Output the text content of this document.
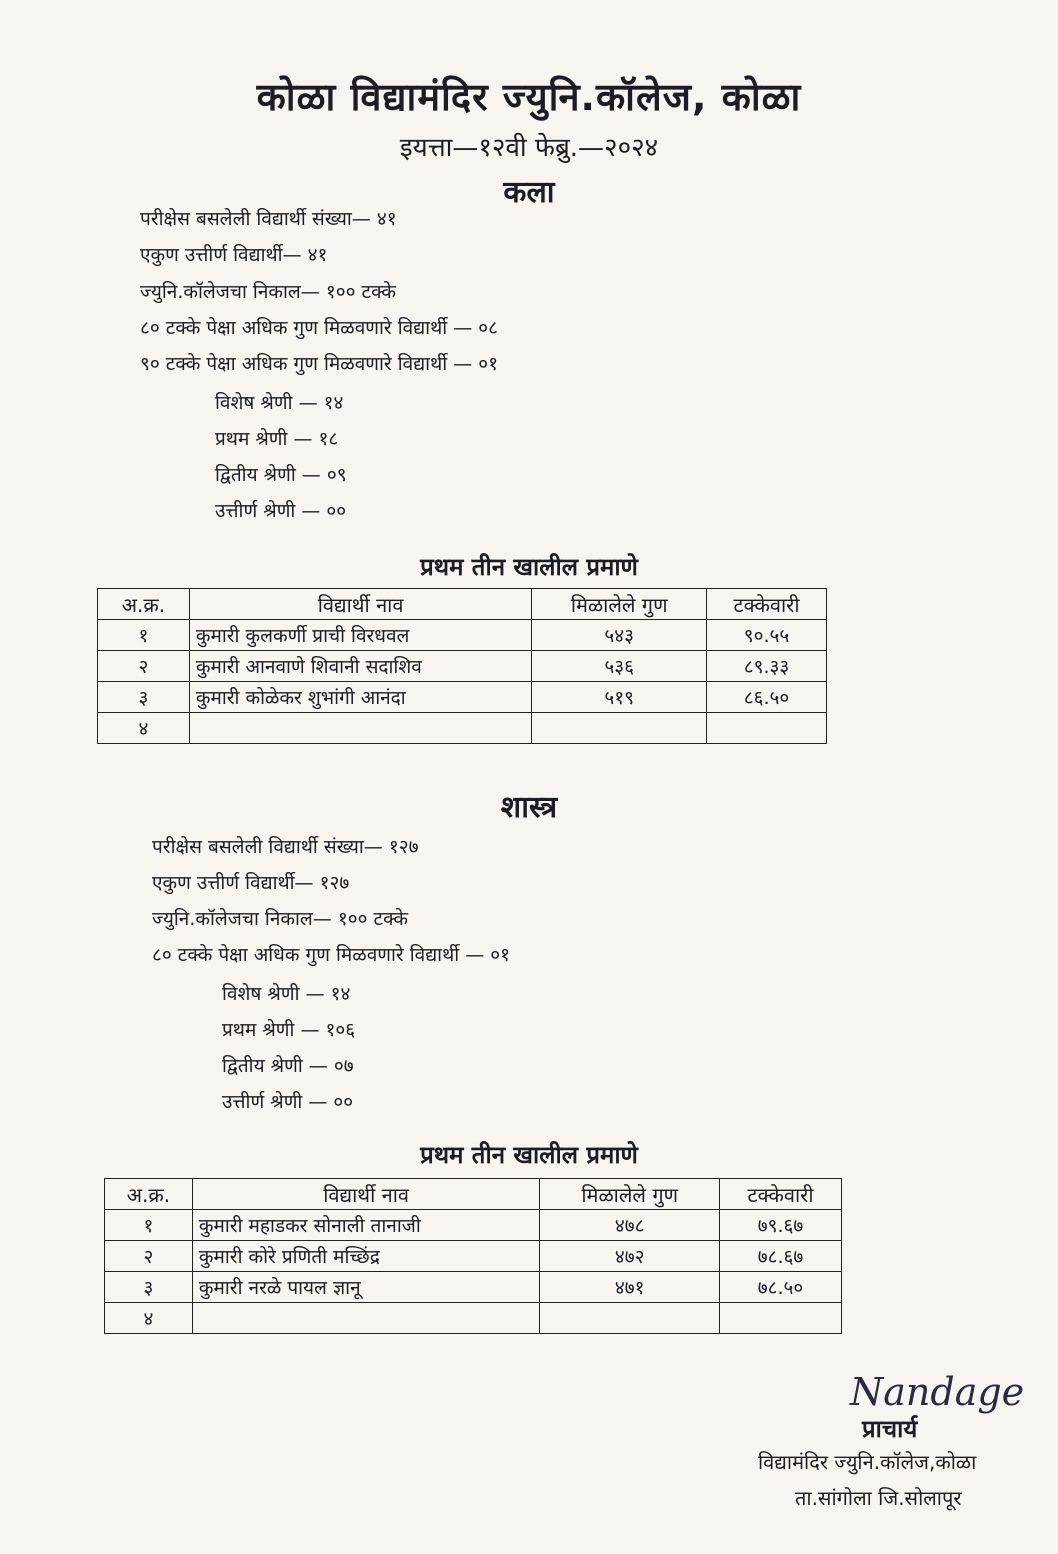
कोळा विद्यामंदिर ज्युनि.कॉलेज, कोळा
इयत्ता—१२वी फेब्रु.—२०२४
कला
परीक्षेस बसलेली विद्यार्थी संख्या— ४१
एकुण उत्तीर्ण विद्यार्थी— ४१
ज्युनि.कॉलेजचा निकाल— १०० टक्के
८० टक्के पेक्षा अधिक गुण मिळवणारे विद्यार्थी — ०८
९० टक्के पेक्षा अधिक गुण मिळवणारे विद्यार्थी — ०१
विशेष श्रेणी — १४
प्रथम श्रेणी — १८
द्वितीय श्रेणी — ०९
उत्तीर्ण श्रेणी — ००
प्रथम तीन खालील प्रमाणे
अ.क्र.	विद्यार्थी नाव	मिळालेले गुण	टक्केवारी
१	कुमारी कुलकर्णी प्राची विरधवल	५४३	९०.५५
२	कुमारी आनवाणे शिवानी सदाशिव	५३६	८९.३३
३	कुमारी कोळेकर शुभांगी आनंदा	५१९	८६.५०
४			
शास्त्र
परीक्षेस बसलेली विद्यार्थी संख्या— १२७
एकुण उत्तीर्ण विद्यार्थी— १२७
ज्युनि.कॉलेजचा निकाल— १०० टक्के
८० टक्के पेक्षा अधिक गुण मिळवणारे विद्यार्थी — ०१
विशेष श्रेणी — १४
प्रथम श्रेणी — १०६
द्वितीय श्रेणी — ०७
उत्तीर्ण श्रेणी — ००
प्रथम तीन खालील प्रमाणे
अ.क्र.	विद्यार्थी नाव	मिळालेले गुण	टक्केवारी
१	कुमारी महाडकर सोनाली तानाजी	४७८	७९.६७
२	कुमारी कोरे प्रणिती मच्छिंद्र	४७२	७८.६७
३	कुमारी नरळे पायल ज्ञानू	४७१	७८.५०
४			
Nandage
प्राचार्य
विद्यामंदिर ज्युनि.कॉलेज,कोळा
ता.सांगोला जि.सोलापूर
